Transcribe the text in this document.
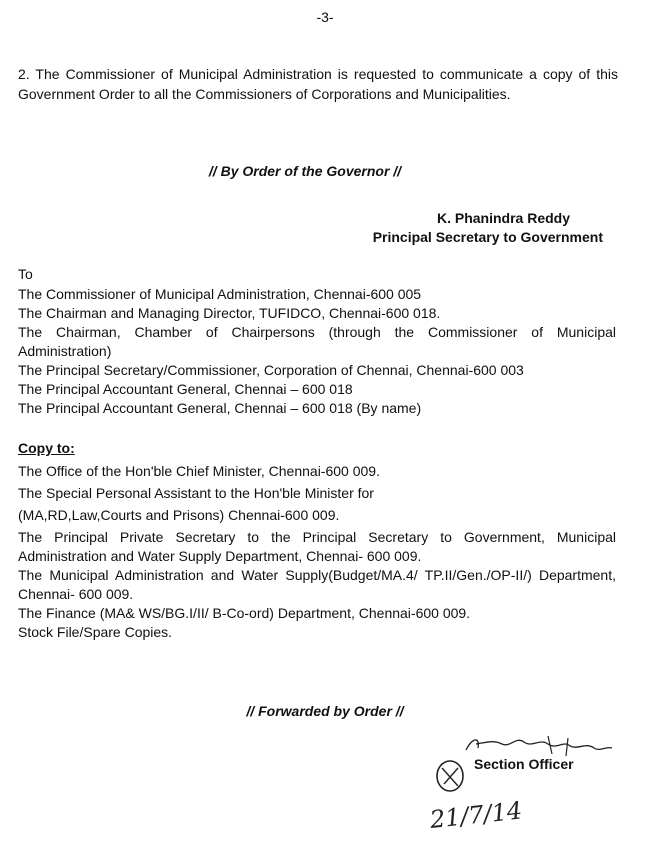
-3-

2. The Commissioner of Municipal Administration is requested to communicate a copy of this Government Order to all the Commissioners of Corporations and Municipalities.

// By Order of the Governor //
K. Phanindra Reddy
Principal Secretary to Government
To
The Commissioner of Municipal Administration, Chennai-600 005
The Chairman and Managing Director, TUFIDCO, Chennai-600 018.
The Chairman, Chamber of Chairpersons (through the Commissioner of Municipal Administration)
The Principal Secretary/Commissioner, Corporation of Chennai, Chennai-600 003
The Principal Accountant General, Chennai – 600 018
The Principal Accountant General, Chennai – 600 018 (By name)
Copy to:
The Office of the Hon'ble Chief Minister, Chennai-600 009.
The Special Personal Assistant to the Hon'ble Minister for
(MA,RD,Law,Courts and Prisons) Chennai-600 009.
The Principal Private Secretary to the Principal Secretary to Government, Municipal Administration and Water Supply Department, Chennai- 600 009.
The Municipal Administration and Water Supply(Budget/MA.4/ TP.II/Gen./OP-II/) Department, Chennai- 600 009.
The Finance (MA& WS/BG.I/II/ B-Co-ord) Department, Chennai-600 009.
Stock File/Spare Copies.
// Forwarded by Order //
21/7/14
Section Officer
